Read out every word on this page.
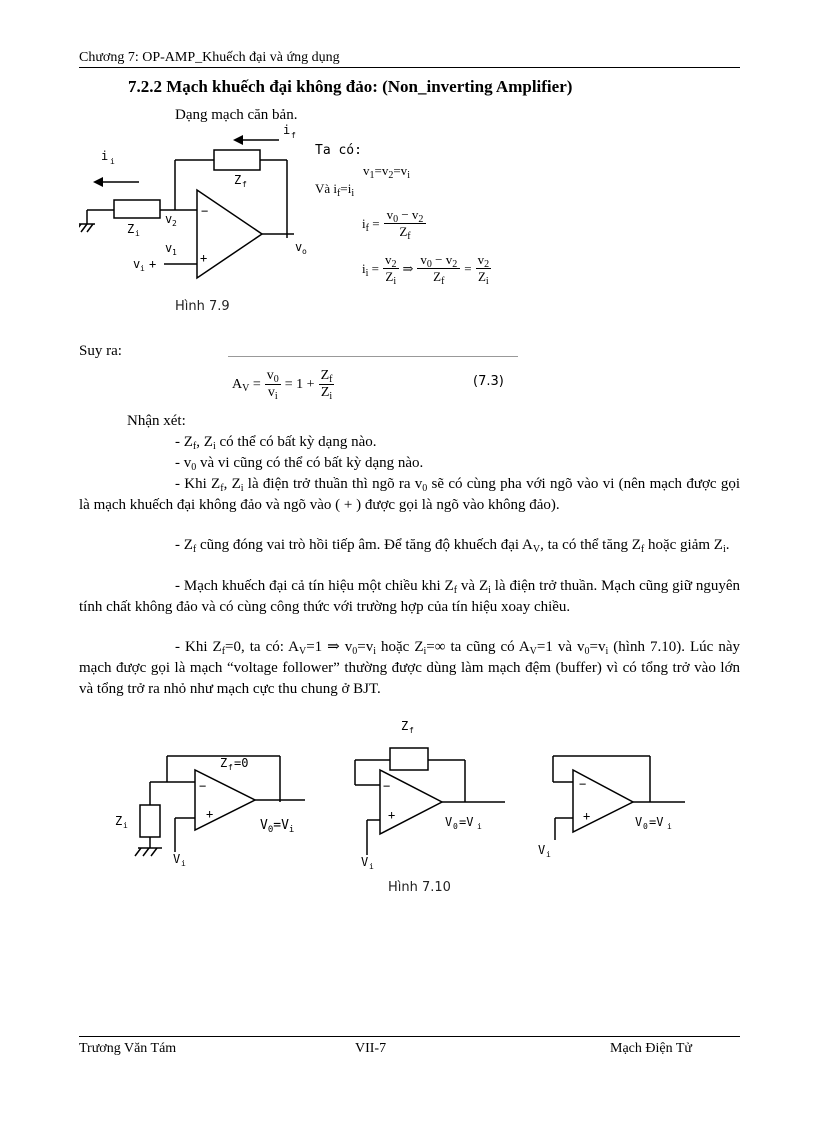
Chương 7: OP-AMP_Khuếch đại và ứng dụng
7.2.2 Mạch khuếch đại không đảo: (Non_inverting Amplifier)
Dạng mạch căn bản.
i i
i f
Z f
Z i
v 2
v 1
v i +
v o
−
+
Hình 7.9
Ta có:
$v_1=v_2=v_i$
Và $i_f=i_i$
$i_f = \frac{v_0 - v_2}{Z_f}$
$i_i = \frac{v_2}{Z_i}$ ⇒ $\frac{v_0 - v_2}{Z_f} = \frac{v_2}{Z_i}$
Suy ra:
$A_V = \frac{v_0}{v_i} = 1 + \frac{Z_f}{Z_i}$	(7.3)
Nhận xét:
- $Z_f$, $Z_i$ có thể có bất kỳ dạng nào.
- $v_0$ và vi cũng có thể có bất kỳ dạng nào.
- Khi $Z_f$, $Z_i$ là điện trở thuần thì ngõ ra $v_0$ sẽ có cùng pha với ngõ vào vi (nên mạch được gọi là mạch khuếch đại không đảo và ngõ vào ( + ) được gọi là ngõ vào không đảo).
- $Z_f$ cũng đóng vai trò hồi tiếp âm. Để tăng độ khuếch đại $A_V$, ta có thể tăng $Z_f$ hoặc giảm $Z_i$.
- Mạch khuếch đại cả tín hiệu một chiều khi $Z_f$ và $Z_i$ là điện trở thuần. Mạch cũng giữ nguyên tính chất không đảo và có cùng công thức với trường hợp của tín hiệu xoay chiều.
- Khi $Z_f=0$, ta có: $A_V=1$ ⇒ $v_0=v_i$ hoặc $Z_i=\infty$ ta cũng có $A_V=1$ và $v_0=v_i$ (hình 7.10). Lúc này mạch được gọi là mạch “voltage follower” thường được dùng làm mạch đệm (buffer) vì có tổng trở vào lớn và tổng trở ra nhỏ như mạch cực thu chung ở BJT.
Z f =0
Z i
−
+
$V_0=V_i$
V i
Z f
−
+	V 0 =V i
V i
−
+	V 0 =V i
V i
Hình 7.10
Trương Văn Tám	VII-7	Mạch Điện Tử
